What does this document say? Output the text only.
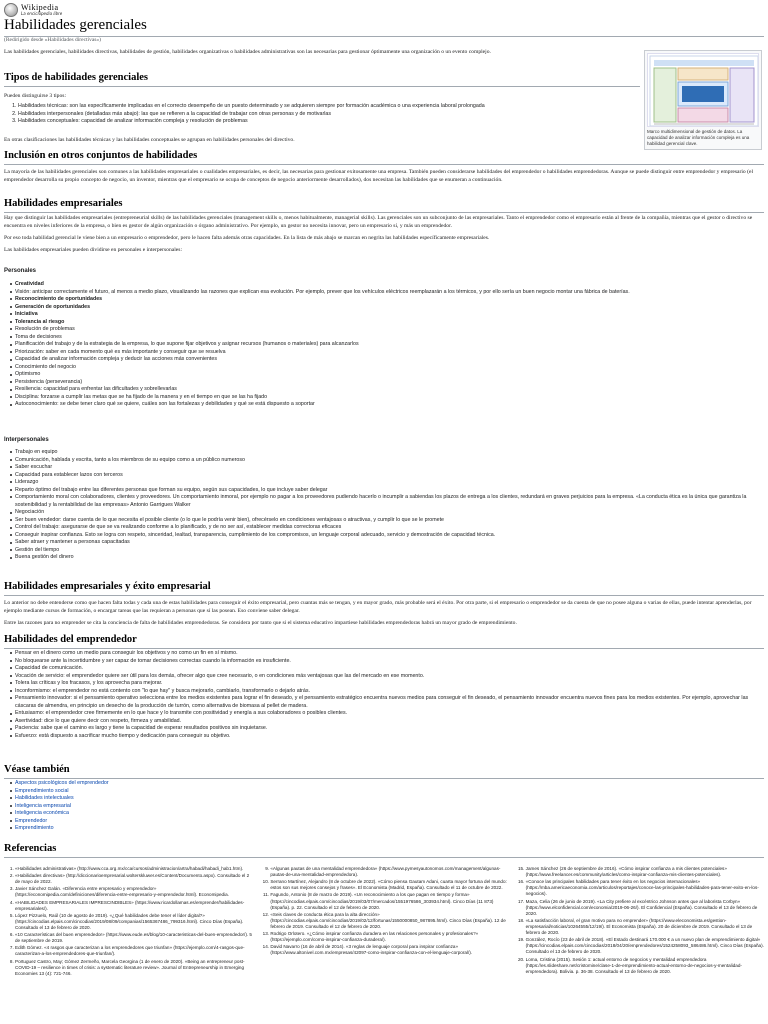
Wikipedia
La enciclopedia libre
Habilidades gerenciales
(Redirigido desde «Habilidades directivas»)

Las habilidades gerenciales, habilidades directivas, habilidades de gestión, habilidades organizativas o habilidades administrativas son las necesarias para gestionar óptimamente una organización o un evento complejo.

Marco multidimensional de gestión de datos. La capacidad de analizar información compleja es una habilidad gerencial clave.
Tipos de habilidades gerenciales

Pueden distinguirse 3 tipos:

1. Habilidades técnicas: son las específicamente implicadas en el correcto desempeño de un puesto determinado y se adquieren siempre por formación académica o una experiencia laboral prolongada
2. Habilidades interpersonales (detalladas más abajo): las que se refieren a la capacidad de trabajar con otras personas y de motivarlas
3. Habilidades conceptuales: capacidad de analizar información compleja y resolución de problemas

En otras clasificaciones las habilidades técnicas y las habilidades conceptuales se agrupan en habilidades personales del directivo.

Inclusión en otros conjuntos de habilidades

La mayoría de las habilidades gerenciales son comunes a las habilidades empresariales o cualidades empresariales, es decir, las necesarias para gestionar exitosamente una empresa. También pueden considerarse habilidades del emprendedor o habilidades emprendedoras. Aunque se puede distinguir entre emprendedor y empresario (el emprendedor desarrolla su propio concepto de negocio, un inventor, mientras que el empresario se ocupa de conceptos de negocio anteriormente desarrollados), dos necesitan las habilidades que se enumeran a continuación.

Habilidades empresariales

Hay que distinguir las habilidades empresariales (entrepreneurial skills) de las habilidades gerenciales (management skills o, menos habitualmente, managerial skills). Las gerenciales son un subconjunto de las empresariales. Tanto el emprendedor como el empresario están al frente de la compañía, mientras que el gestor o directivo se encuentra en niveles inferiores de la empresa, o bien es gestor de algún organización o órgano administrativo. Por ejemplo, un gestor no necesita innovar, pero un empresario sí, y más un emprendedor.

Por eso toda habilidad gerencial le viene bien a un empresario o emprendedor, pero le hacen falta además otras capacidades. En la lista de más abajo se marcan en negrita las habilidades específicamente empresariales.

Las habilidades empresariales pueden dividirse en personales e interpersonales:

Personales
Creatividad
Visión: anticipar correctamente el futuro, al menos a medio plazo, visualizando las razones que explican esa evolución. Por ejemplo, prever que los vehículos eléctricos reemplazarán a los térmicos, y por ello sería un buen negocio montar una fábrica de baterías.
Reconocimiento de oportunidades
Generación de oportunidades
Iniciativa
Tolerancia al riesgo
Resolución de problemas
Toma de decisiones
Planificación del trabajo y de la estrategia de la empresa, lo que supone fijar objetivos y asignar recursos (humanos o materiales) para alcanzarlos
Priorización: saber en cada momento qué es más importante y conseguir que se resuelva
Capacidad de analizar información compleja y deducir las acciones más convenientes
Conocimiento del negocio
Optimismo
Persistencia (perseverancia)
Resiliencia: capacidad para enfrentar las dificultades y sobrellevarlas
Disciplina: forzarse a cumplir las metas que se ha fijado de la manera y en el tiempo en que se las ha fijado
Autoconocimiento: se debe tener claro qué se quiere, cuáles son las fortalezas y debilidades y qué se está dispuesto a soportar
Interpersonales
Trabajo en equipo
Comunicación, hablada y escrita, tanto a los miembros de su equipo como a un público numeroso
Saber escuchar
Capacidad para establecer lazos con terceros
Liderazgo
Reparto óptimo del trabajo entre las diferentes personas que forman su equipo, según sus capacidades, lo que incluye saber delegar
Comportamiento moral con colaboradores, clientes y proveedores. Un comportamiento inmoral, por ejemplo no pagar a los proveedores pudiendo hacerlo o incumplir a sabiendas los plazos de entrega a los clientes, redundará en graves perjuicios para la empresa. «La conducta ética es la única que garantiza la sostenibilidad y la rentabilidad de las empresas» Antonio Garrigues Walker
Negociación
Ser buen vendedor: darse cuenta de lo que necesita el posible cliente (o lo que le podría venir bien), ofrecérselo en condiciones ventajosas o atractivas, y cumplir lo que se le promete
Control del trabajo: asegurarse de que se va realizando conforme a lo planificado, y de no ser así, establecer medidas correctoras eficaces
Conseguir inspirar confianza. Esto se logra con respeto, sinceridad, lealtad, transparencia, cumplimiento de los compromisos, un lenguaje corporal adecuado, servicio y demostración de capacidad técnica.
Saber atraer y mantener a personas capacitadas
Gestión del tiempo
Buena gestión del dinero
Habilidades empresariales y éxito empresarial

Lo anterior no debe entenderse como que hacen falta todas y cada una de estas habilidades para conseguir el éxito empresarial, pero cuantas más se tengan, y en mayor grado, más probable será el éxito. Por otra parte, si el empresario o emprendedor se da cuenta de que no posee alguna o varias de ellas, puede intentar aprenderlas, por ejemplo mediante cursos de formación, o encargar tareas que las requieran a personas que sí las posean. Eso conviene saber delegar.

Entre las razones para no emprender se cita la conciencia de falta de habilidades emprendedoras. Se considera por tanto que si el sistema educativo impartiese habilidades emprendedoras habrá un mayor grado de emprendimiento.

Habilidades del emprendedor
Pensar en el dinero como un medio para conseguir los objetivos y no como un fin en sí mismo.
No bloquearse ante la incertidumbre y ser capaz de tomar decisiones correctas cuando la información es insuficiente.
Capacidad de comunicación.
Vocación de servicio: el emprendedor quiere ser útil para los demás, ofrecer algo que cree necesario, o en condiciones más ventajosas que las del mercado en ese momento.
Tolera las críticas y los fracasos, y los aprovecha para mejorar.
Inconformismo: el emprendedor no está contento con "lo que hay" y busca mejorarlo, cambiarlo, transformarlo o dejarlo atrás.
Pensamiento innovador: si el pensamiento operativo selecciona entre los medios existentes para lograr el fin deseado, y el pensamiento estratégico encuentra nuevos medios para conseguir el fin deseado, el pensamiento innovador encuentra nuevos fines para los medios existentes. Por ejemplo, aprovechar las cáscaras de almendra, en principio un desecho de la producción de turrón, como alternativa de biomasa al pellet de madera.
Entusiasmo: el emprendedor cree firmemente en lo que hace y lo transmite con positividad y energía a sus colaboradores o posibles clientes.
Asertividad: dice lo que quiere decir con respeto, firmeza y amabilidad.
Paciencia: sabe que el camino es largo y tiene la capacidad de esperar resultados positivos sin inquietarse.
Esfuerzo: está dispuesto a sacrificar mucho tiempo y dedicación para conseguir su objetivo.
Véase también
Aspectos psicológicos del emprendedor
Emprendimiento social
Habilidades intelectuales
Inteligencia empresarial
Inteligencia económica
Emprendedor
Emprendimiento
Referencias
1. «Habilidades administrativas» (http://www.cca.org.mx/cca/cursos/administracion/artra/habadi/habadi_hab1.htm).
2. «Habilidades directivas» (http://diccionarioempresarial.wolterskluwer.es/Content/Documento.aspx). Consultado el 2 de mayo de 2022.
3. Javier Sánchez Galán. «Diferencia entre empresario y emprendedor» (https://economipedia.com/definiciones/diferencia-entre-empresario-y-emprendedor.html). Economipedia.
4. «HABILIDADES EMPRESARIALES IMPRESCINDIBLES» (https://www.ricardollamas.es/emprender/habilidades-empresariales/).
5. López Pizzuelo, Raúl (10 de agosto de 2019). «¿Qué habilidades debe tener el líder digital?» (https://cincodias.elpais.com/cincodias/2019/08/09/companias/1565367486_799316.html). Cinco Días (España). Consultado el 13 de febrero de 2020.
6. «10 Características del buen emprendedor» (https://www.eude.es/blog/10-caracteristicas-del-buen-emprendedor/). 5 de septiembre de 2019.
7. Edith Gómez. «4 rasgos que caracterizan a los emprendedores que triunfan» (https://ejemplo.com/4-rasgos-que-caracterizan-a-los-emprendedores-que-triunfan/).
8. Portuguez Castro, May; Gómez Zermeño, Marcela Georgina (1 de enero de 2020). «Being an entrepreneur post-COVID-19 – resilience in times of crisis: a systematic literature review». Journal of Entrepreneurship in Emerging Economies 13 (4): 721-746.
9. «Algunas pautas de una mentalidad emprendedora» (https://www.pymesyautonomos.com/management/algunas-pautas-de-una-mentalidad-emprendedora).
10. Serrano Martínez, Alejandro (8 de octubre de 2022). «Cómo piensa Gautam Adani, cuarta mayor fortuna del mundo: estos son sus mejores consejos y frases». El Economista (Madrid, España). Consultado el 11 de octubre de 2022.
11. Fagundo, Antonio (8 de marzo de 2019). «Un reconocimiento a los que pagan en tiempo y forma» (https://cincodias.elpais.com/cincodias/2019/03/07/mercados/1551976586_303934.html). Cinco Días (11 873) (España). p. 22. Consultado el 12 de febrero de 2020.
12. «Seis claves de conducta ética para la alta dirección» (https://cincodias.elpais.com/cincodias/2019/02/12/fortunas/1550000850_987895.html). Cinco Días (España). 12 de febrero de 2019. Consultado el 12 de febrero de 2020.
13. Rodrigo Orlotero. «¿Cómo inspirar confianza duradera en las relaciones personales y profesionales?» (https://ejemplo.com/como-inspirar-confianza-duradera/).
14. David Navarro (16 de abril de 2014). «3 reglas de lenguaje corporal para inspirar confianza» (https://www.altonivel.com.mx/empresas/42097-como-inspirar-confianza-con-el-lenguaje-corporal/).
15. James Sánchez (26 de septiembre de 2016). «Cómo inspirar confianza a mis clientes potenciales» (https://www.freelancer.es/community/articles/como-inspirar-confianza-mis-clientes-potenciales).
16. «Conoce las principales habilidades para tener éxito en los negocios internacionales» (https://mba.americaeconomia.com/articulos/reportajes/conoce-las-principales-habilidades-para-tener-exito-en-los-negocios).
17. Maza, Celia (26 de junio de 2019). «La City prefiere al excéntrico Johnson antes que al laborista Corbyn» (https://www.elconfidencial.com/economia/2019-06-26/). El Confidencial (España). Consultado el 13 de febrero de 2020.
18. «La satisfacción laboral, el gran motivo para no emprender» (https://www.eleconomista.es/gestion-empresarial/noticias/10264555/12/19/). El Economista (España). 20 de diciembre de 2019. Consultado el 13 de febrero de 2020.
19. González, Rocío (23 de abril de 2018). «El Estado destinará 170.000 € a un nuevo plan de emprendimiento digital» (https://cincodias.elpais.com/cincodias/2018/04/20/emprendedores/1524258093_586486.html). Cinco Días (España). Consultado el 13 de febrero de 2020.
20. Loma, Cristina (2015). Sesión 1: actual entorno de negocios y mentalidad emprendedora (https://es.slideshare.net/cristomine/clase-1-de-emprendimiento-actual-entorno-de-negocios-y-mentalidad-emprendedora). Bolivia. p. 36-38. Consultado el 13 de febrero de 2020.
